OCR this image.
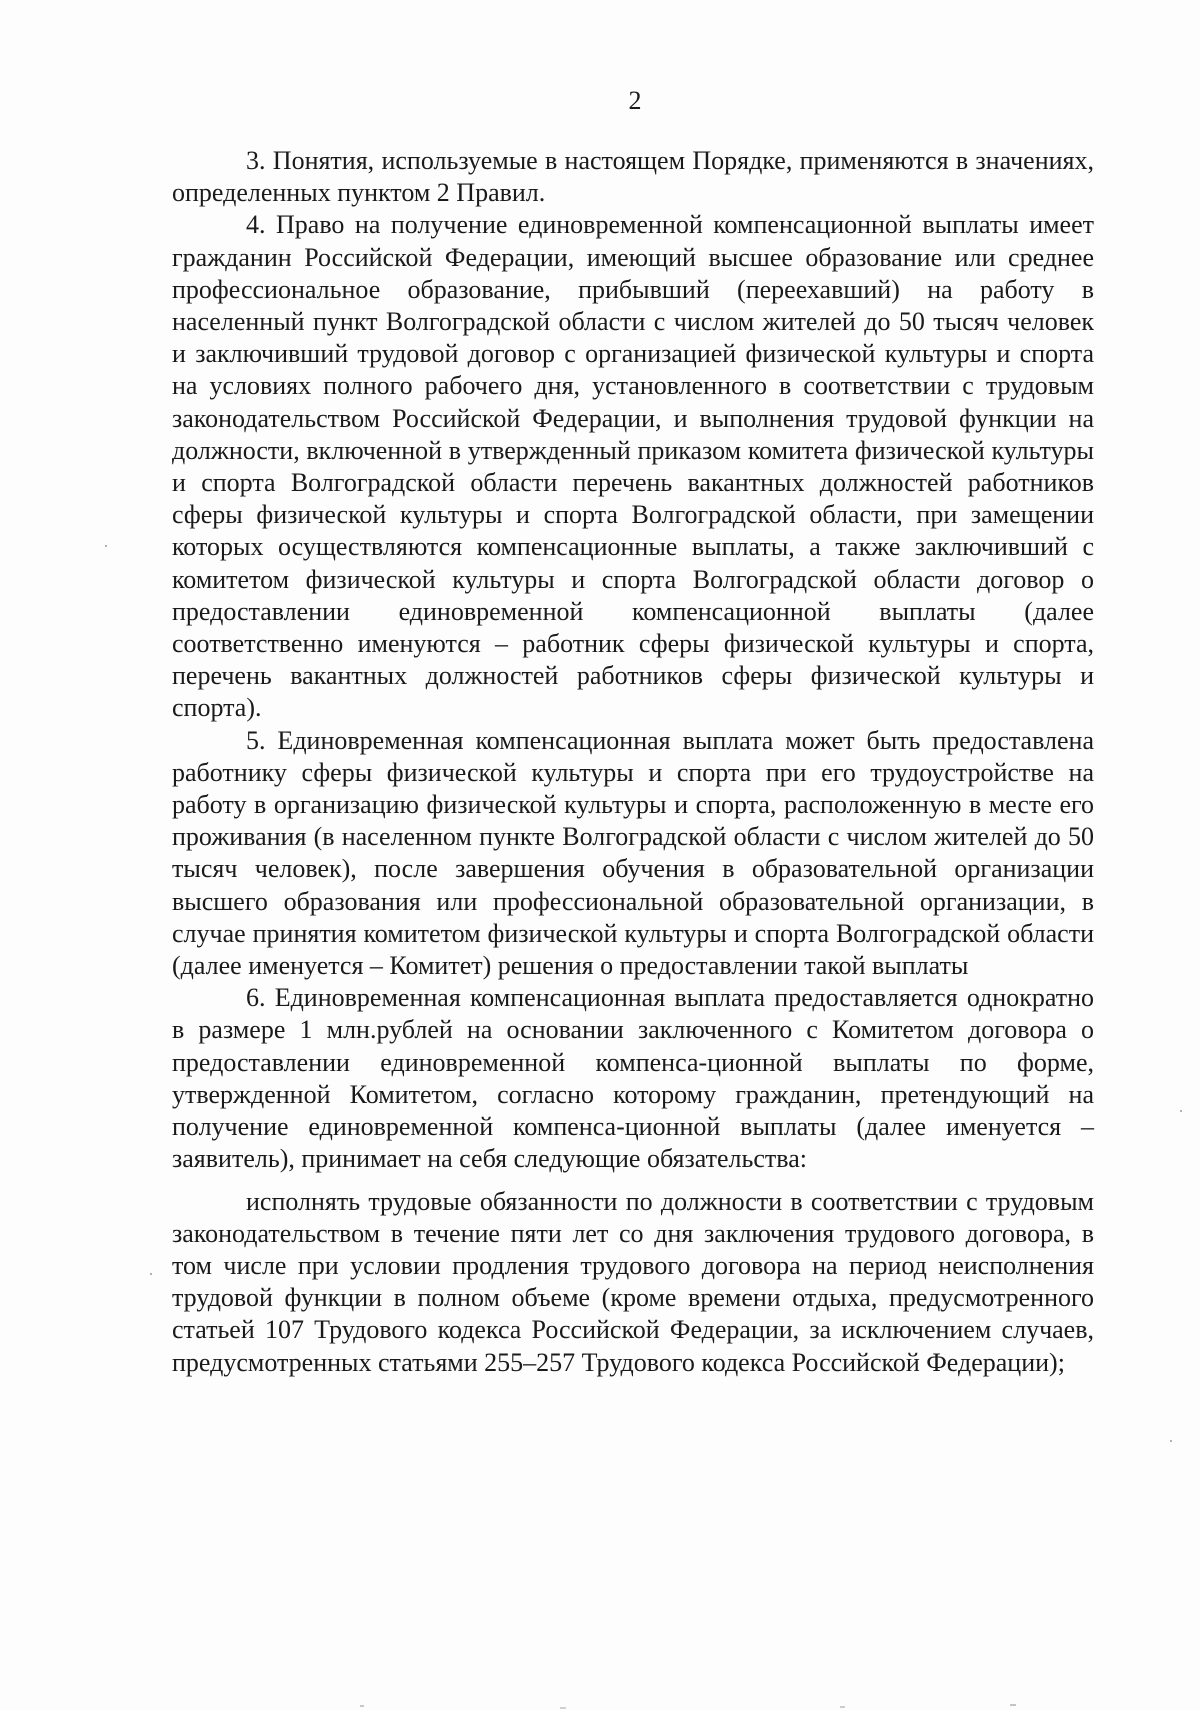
2

3. Понятия, используемые в настоящем Порядке, применяются в значениях, определенных пунктом 2 Правил.

4. Право на получение единовременной компенсационной выплаты имеет гражданин Российской Федерации, имеющий высшее образование или среднее профессиональное образование, прибывший (переехавший) на работу в населенный пункт Волгоградской области с числом жителей до 50 тысяч человек и заключивший трудовой договор с организацией физической культуры и спорта на условиях полного рабочего дня, установленного в соответствии с трудовым законодательством Российской Федерации, и выполнения трудовой функции на должности, включенной в утвержденный приказом комитета физической культуры и спорта Волгоградской области перечень вакантных должностей работников сферы физической культуры и спорта Волгоградской области, при замещении которых осуществляются компенсационные выплаты, а также заключивший с комитетом физической культуры и спорта Волгоградской области договор о предоставлении единовременной компенсационной выплаты (далее соответственно именуются – работник сферы физической культуры и спорта, перечень вакантных должностей работников сферы физической культуры и спорта).

5. Единовременная компенсационная выплата может быть предоставлена работнику сферы физической культуры и спорта при его трудоустройстве на работу в организацию физической культуры и спорта, расположенную в месте его проживания (в населенном пункте Волгоградской области с числом жителей до 50 тысяч человек), после завершения обучения в образовательной организации высшего образования или профессиональной образовательной организации, в случае принятия комитетом физической культуры и спорта Волгоградской области (далее именуется – Комитет) решения о предоставлении такой выплаты

6. Единовременная компенсационная выплата предоставляется однократно в размере 1 млн.рублей на основании заключенного с Комитетом договора о предоставлении единовременной компенса-ционной выплаты по форме, утвержденной Комитетом, согласно которому гражданин, претендующий на получение единовременной компенса-ционной выплаты (далее именуется – заявитель), принимает на себя следующие обязательства:

исполнять трудовые обязанности по должности в соответствии с трудовым законодательством в течение пяти лет со дня заключения трудового договора, в том числе при условии продления трудового договора на период неисполнения трудовой функции в полном объеме (кроме времени отдыха, предусмотренного статьей 107 Трудового кодекса Российской Федерации, за исключением случаев, предусмотренных статьями 255–257 Трудового кодекса Российской Федерации);
